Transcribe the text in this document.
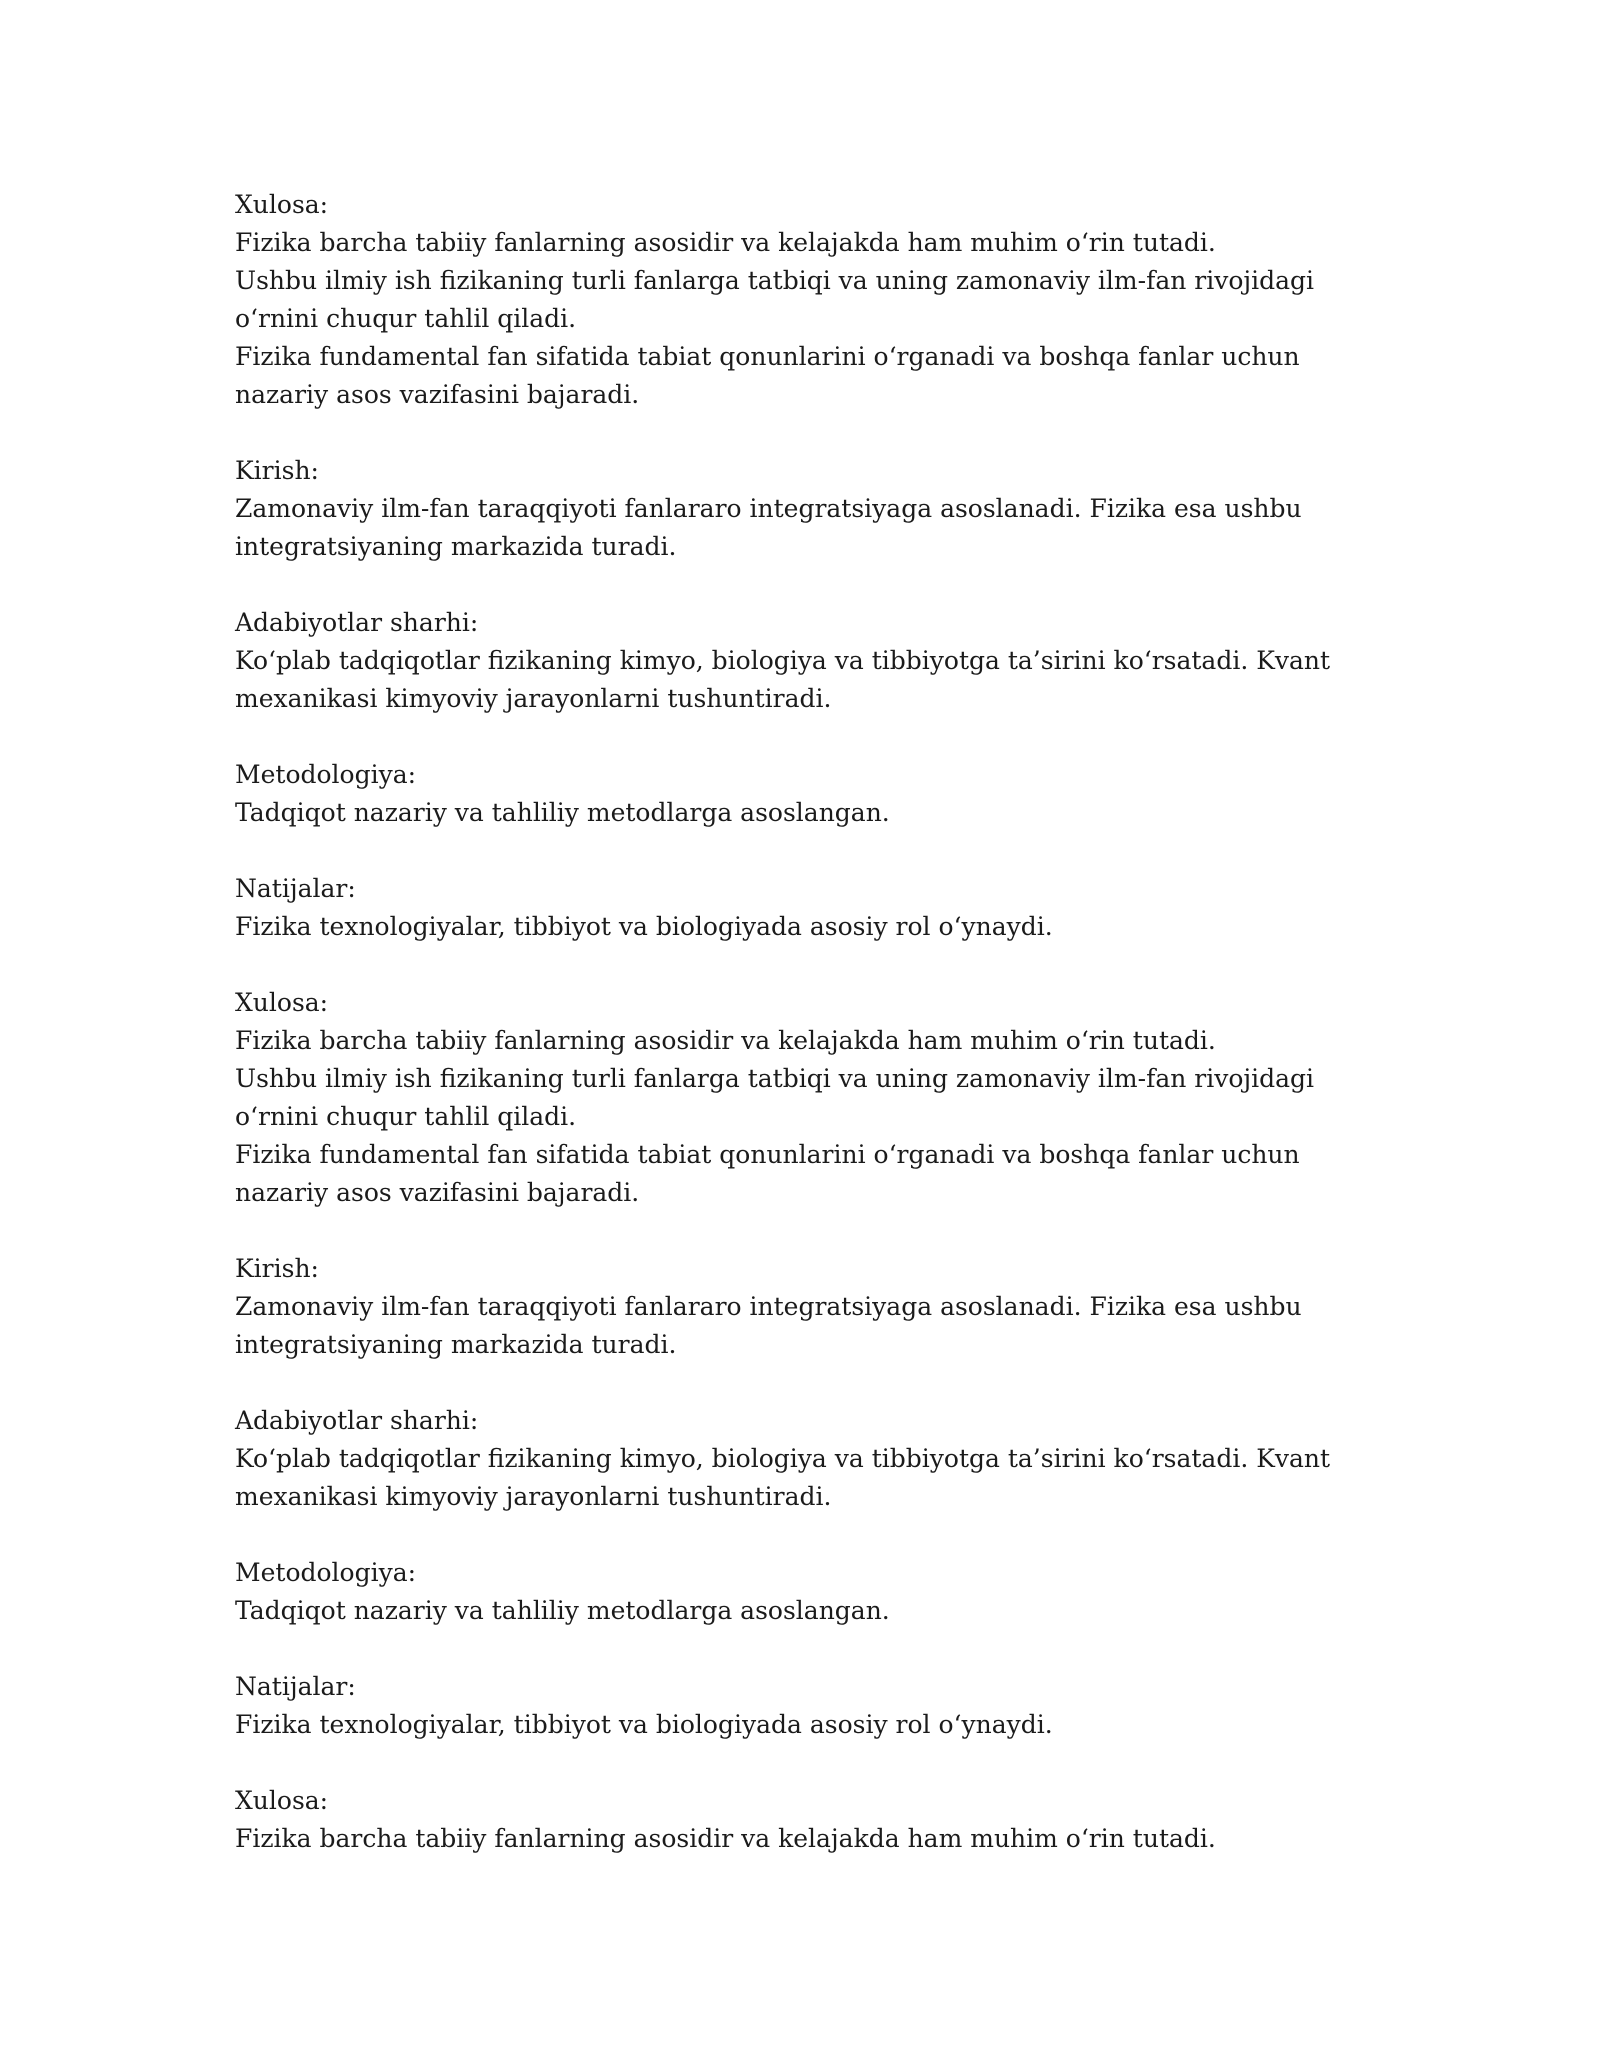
Xulosa:
Fizika barcha tabiiy fanlarning asosidir va kelajakda ham muhim o‘rin tutadi.
Ushbu ilmiy ish fizikaning turli fanlarga tatbiqi va uning zamonaviy ilm-fan rivojidagi o‘rnini chuqur tahlil qiladi.
Fizika fundamental fan sifatida tabiat qonunlarini o‘rganadi va boshqa fanlar uchun nazariy asos vazifasini bajaradi.
Kirish:
Zamonaviy ilm-fan taraqqiyoti fanlararo integratsiyaga asoslanadi. Fizika esa ushbu integratsiyaning markazida turadi.
Adabiyotlar sharhi:
Ko‘plab tadqiqotlar fizikaning kimyo, biologiya va tibbiyotga ta’sirini ko‘rsatadi. Kvant mexanikasi kimyoviy jarayonlarni tushuntiradi.
Metodologiya:
Tadqiqot nazariy va tahliliy metodlarga asoslangan.
Natijalar:
Fizika texnologiyalar, tibbiyot va biologiyada asosiy rol o‘ynaydi.
Xulosa:
Fizika barcha tabiiy fanlarning asosidir va kelajakda ham muhim o‘rin tutadi.
Ushbu ilmiy ish fizikaning turli fanlarga tatbiqi va uning zamonaviy ilm-fan rivojidagi o‘rnini chuqur tahlil qiladi.
Fizika fundamental fan sifatida tabiat qonunlarini o‘rganadi va boshqa fanlar uchun nazariy asos vazifasini bajaradi.
Kirish:
Zamonaviy ilm-fan taraqqiyoti fanlararo integratsiyaga asoslanadi. Fizika esa ushbu integratsiyaning markazida turadi.
Adabiyotlar sharhi:
Ko‘plab tadqiqotlar fizikaning kimyo, biologiya va tibbiyotga ta’sirini ko‘rsatadi. Kvant mexanikasi kimyoviy jarayonlarni tushuntiradi.
Metodologiya:
Tadqiqot nazariy va tahliliy metodlarga asoslangan.
Natijalar:
Fizika texnologiyalar, tibbiyot va biologiyada asosiy rol o‘ynaydi.
Xulosa:
Fizika barcha tabiiy fanlarning asosidir va kelajakda ham muhim o‘rin tutadi.
